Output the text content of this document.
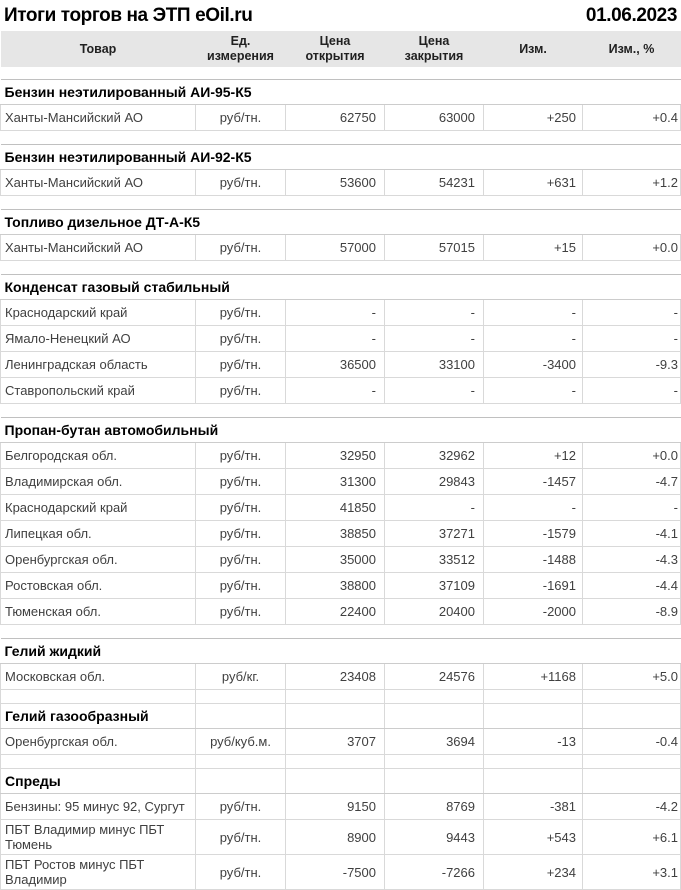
Итоги торгов на ЭТП eOil.ru	01.06.2023
Товар	Ед. измерения	Цена открытия	Цена закрытия	Изм.	Изм., %

Бензин неэтилированный АИ-95-К5					
Ханты-Мансийский АО	руб/тн.	62750	63000	+250	+0.4

Бензин неэтилированный АИ-92-К5					
Ханты-Мансийский АО	руб/тн.	53600	54231	+631	+1.2

Топливо дизельное ДТ-А-К5					
Ханты-Мансийский АО	руб/тн.	57000	57015	+15	+0.0

Конденсат газовый стабильный					
Краснодарский край	руб/тн.	-	-	-	-
Ямало-Ненецкий АО	руб/тн.	-	-	-	-
Ленинградская область	руб/тн.	36500	33100	-3400	-9.3
Ставропольский край	руб/тн.	-	-	-	-

Пропан-бутан автомобильный					
Белгородская обл.	руб/тн.	32950	32962	+12	+0.0
Владимирская обл.	руб/тн.	31300	29843	-1457	-4.7
Краснодарский край	руб/тн.	41850	-	-	-
Липецкая обл.	руб/тн.	38850	37271	-1579	-4.1
Оренбургская обл.	руб/тн.	35000	33512	-1488	-4.3
Ростовская обл.	руб/тн.	38800	37109	-1691	-4.4
Тюменская обл.	руб/тн.	22400	20400	-2000	-8.9

Гелий жидкий					
Московская обл.	руб/кг.	23408	24576	+1168	+5.0

Гелий газообразный					
Оренбургская обл.	руб/куб.м.	3707	3694	-13	-0.4

Спреды					
Бензины: 95 минус 92, Сургут	руб/тн.	9150	8769	-381	-4.2
ПБТ Владимир минус ПБТ Тюмень	руб/тн.	8900	9443	+543	+6.1
ПБТ Ростов минус ПБТ Владимир	руб/тн.	-7500	-7266	+234	+3.1
